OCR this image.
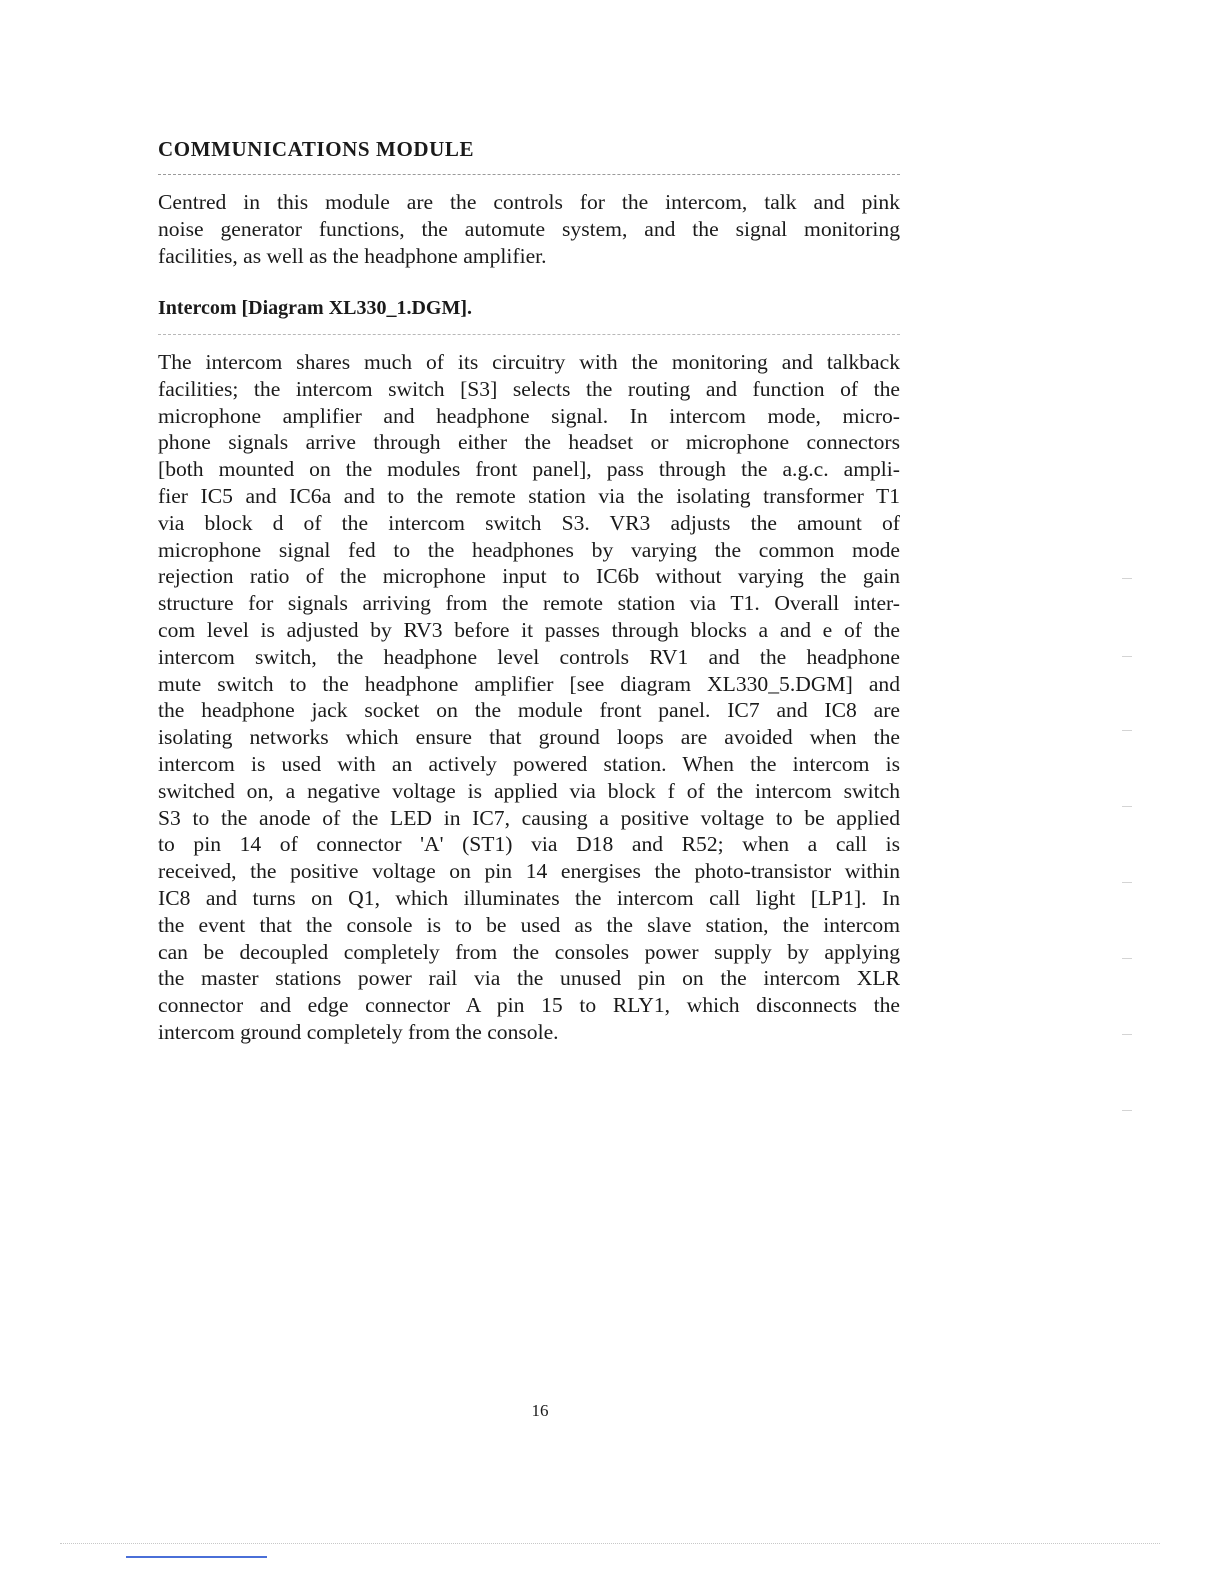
COMMUNICATIONS MODULE

Centred in this module are the controls for the intercom, talk and pink
noise generator functions, the automute system, and the signal monitoring
facilities, as well as the headphone amplifier.

Intercom [Diagram XL330_1.DGM].

The intercom shares much of its circuitry with the monitoring and talkback
facilities; the intercom switch [S3] selects the routing and function of the
microphone amplifier and headphone signal. In intercom mode, micro-
phone signals arrive through either the headset or microphone connectors
[both mounted on the modules front panel], pass through the a.g.c. ampli-
fier IC5 and IC6a and to the remote station via the isolating transformer T1
via block d of the intercom switch S3. VR3 adjusts the amount of
microphone signal fed to the headphones by varying the common mode
rejection ratio of the microphone input to IC6b without varying the gain
structure for signals arriving from the remote station via T1. Overall inter-
com level is adjusted by RV3 before it passes through blocks a and e of the
intercom switch, the headphone level controls RV1 and the headphone
mute switch to the headphone amplifier [see diagram XL330_5.DGM] and
the headphone jack socket on the module front panel. IC7 and IC8 are
isolating networks which ensure that ground loops are avoided when the
intercom is used with an actively powered station. When the intercom is
switched on, a negative voltage is applied via block f of the intercom switch
S3 to the anode of the LED in IC7, causing a positive voltage to be applied
to pin 14 of connector 'A' (ST1) via D18 and R52; when a call is
received, the positive voltage on pin 14 energises the photo-transistor within
IC8 and turns on Q1, which illuminates the intercom call light [LP1]. In
the event that the console is to be used as the slave station, the intercom
can be decoupled completely from the consoles power supply by applying
the master stations power rail via the unused pin on the intercom XLR
connector and edge connector A pin 15 to RLY1, which disconnects the
intercom ground completely from the console.

16
